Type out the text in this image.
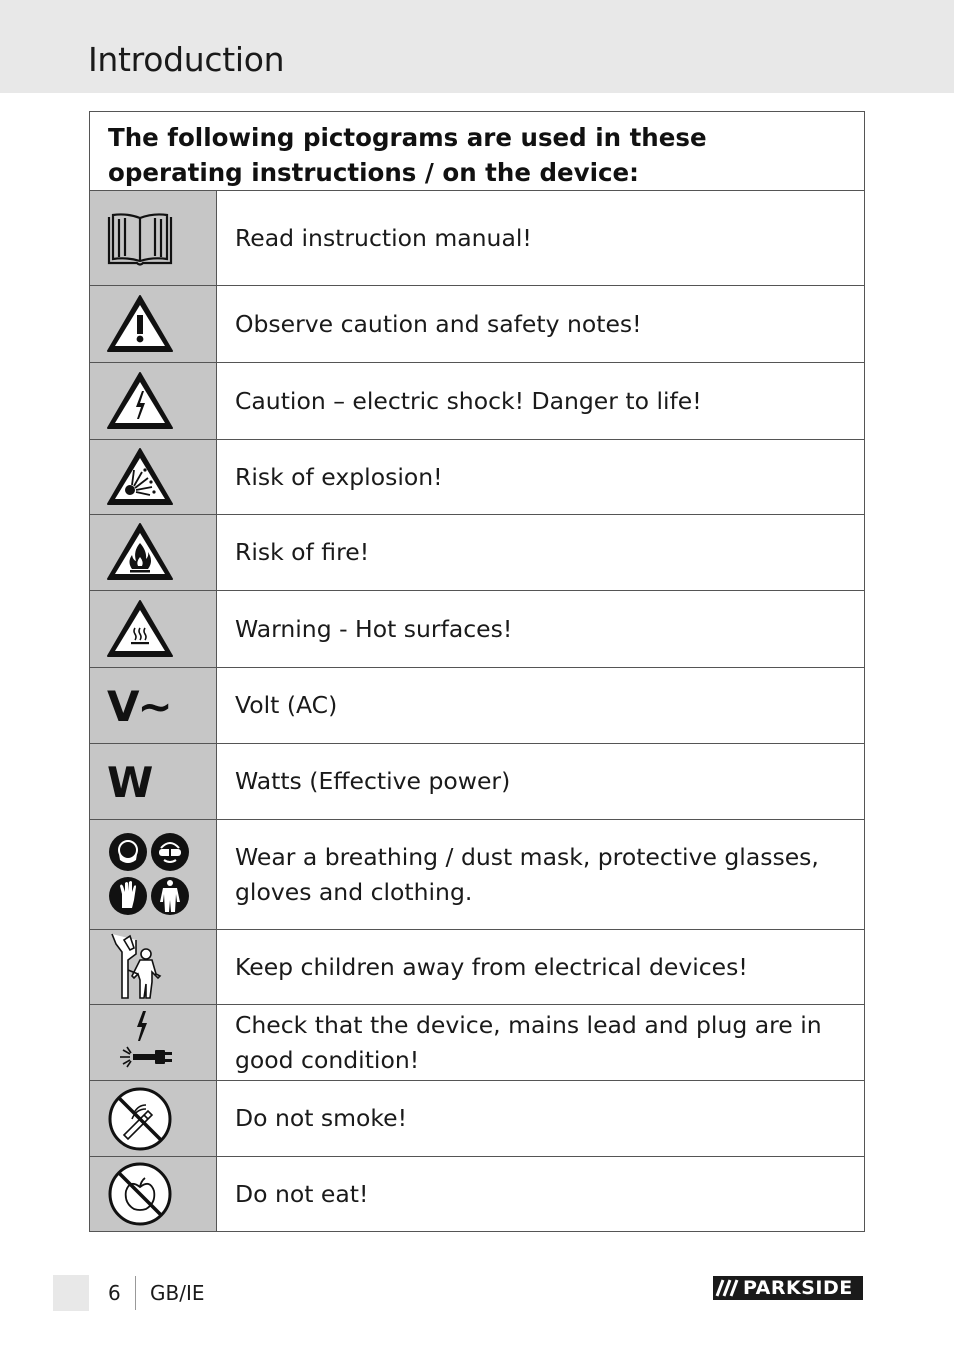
Introduction
The following pictograms are used in these operating instructions / on the device:
Read instruction manual!
Observe caution and safety notes!
Caution – electric shock! Danger to life!
Risk of explosion!
Risk of fire!
Warning - Hot surfaces!
V~	Volt (AC)
W	Watts (Effective power)
Wear a breathing / dust mask, protective glasses, gloves and clothing.
Keep children away from electrical devices!
Check that the device, mains lead and plug are in good condition!
Do not smoke!
Do not eat!
6 GB/IE	PARKSIDE
